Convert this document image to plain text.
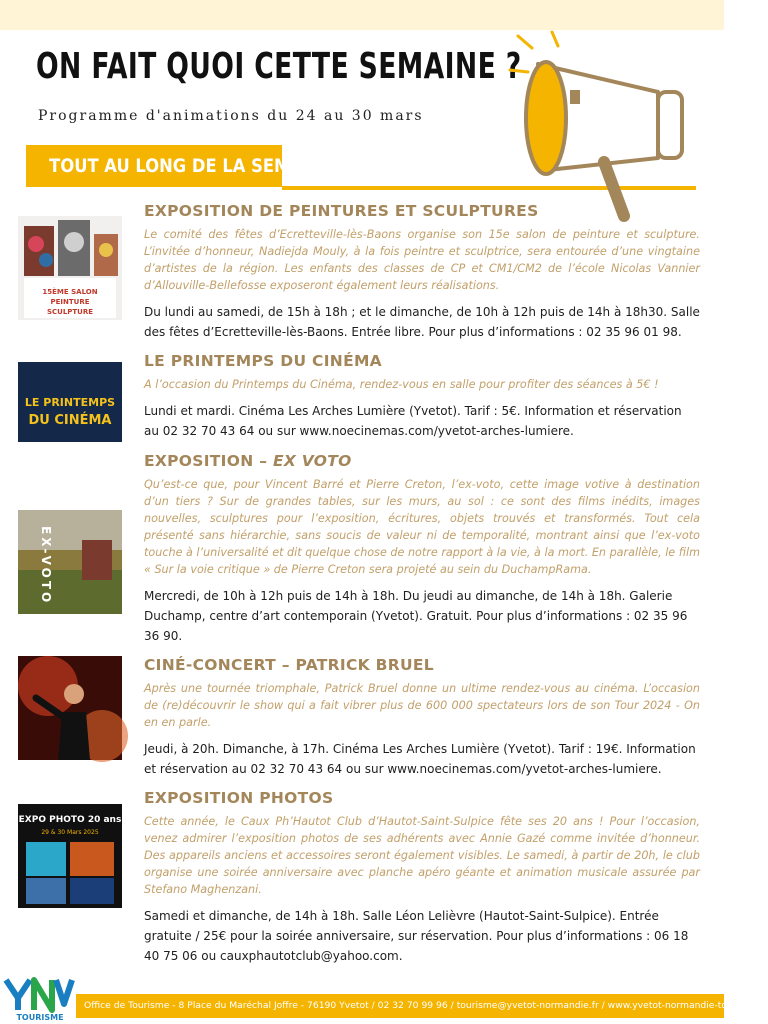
ON FAIT QUOI CETTE SEMAINE ?
Programme d'animations du 24 au 30 mars
TOUT AU LONG DE LA SEMAINE
15ÈME SALON
PEINTURE
SCULPTURE
EXPOSITION DE PEINTURES ET SCULPTURES

Le comité des fêtes d’Ecretteville-lès-Baons organise son 15e salon de peinture et sculpture. L’invitée d’honneur, Nadiejda Mouly, à la fois peintre et sculptrice, sera entourée d’une vingtaine d’artistes de la région. Les enfants des classes de CP et CM1/CM2 de l’école Nicolas Vannier d’Allouville-Bellefosse exposeront également leurs réalisations.

Du lundi au samedi, de 15h à 18h ; et le dimanche, de 10h à 12h puis de 14h à 18h30. Salle des fêtes d’Ecretteville-lès-Baons. Entrée libre. Pour plus d’informations : 02 35 96 01 98.

LE PRINTEMPS
DU CINÉMA
LE PRINTEMPS DU CINÉMA

A l’occasion du Printemps du Cinéma, rendez-vous en salle pour profiter des séances à 5€ !

Lundi et mardi. Cinéma Les Arches Lumière (Yvetot). Tarif : 5€. Information et réservation au 02 32 70 43 64 ou sur www.noecinemas.com/yvetot-arches-lumiere.

EX-VOTO
EXPOSITION – EX VOTO

Qu’est-ce que, pour Vincent Barré et Pierre Creton, l’ex-voto, cette image votive à destination d’un tiers ? Sur de grandes tables, sur les murs, au sol : ce sont des films inédits, images nouvelles, sculptures pour l’exposition, écritures, objets trouvés et transformés. Tout cela présenté sans hiérarchie, sans soucis de valeur ni de temporalité, montrant ainsi que l’ex-voto touche à l’universalité et dit quelque chose de notre rapport à la vie, à la mort. En parallèle, le film « Sur la voie critique » de Pierre Creton sera projeté au sein du DuchampRama.

Mercredi, de 10h à 12h puis de 14h à 18h. Du jeudi au dimanche, de 14h à 18h. Galerie Duchamp, centre d’art contemporain (Yvetot). Gratuit. Pour plus d’informations : 02 35 96 36 90.

CINÉ-CONCERT – PATRICK BRUEL

Après une tournée triomphale, Patrick Bruel donne un ultime rendez-vous au cinéma. L’occasion de (re)découvrir le show qui a fait vibrer plus de 600 000 spectateurs lors de son Tour 2024 - On en en parle.

Jeudi, à 20h. Dimanche, à 17h. Cinéma Les Arches Lumière (Yvetot). Tarif : 19€. Information et réservation au 02 32 70 43 64 ou sur www.noecinemas.com/yvetot-arches-lumiere.

EXPO PHOTO 20 ans
29 & 30 Mars 2025
EXPOSITION PHOTOS

Cette année, le Caux Ph’Hautot Club d’Hautot-Saint-Sulpice fête ses 20 ans ! Pour l’occasion, venez admirer l’exposition photos de ses adhérents avec Annie Gazé comme invitée d’honneur. Des appareils anciens et accessoires seront également visibles. Le samedi, à partir de 20h, le club organise une soirée anniversaire avec planche apéro géante et animation musicale assurée par Stefano Maghenzani.

Samedi et dimanche, de 14h à 18h. Salle Léon Lelièvre (Hautot-Saint-Sulpice). Entrée gratuite / 25€ pour la soirée anniversaire, sur réservation. Pour plus d’informations : 06 18 40 75 06 ou cauxphautotclub@yahoo.com.

TOURISME
Office de Tourisme - 8 Place du Maréchal Joffre - 76190 Yvetot / 02 32 70 99 96 / tourisme@yvetot-normandie.fr / www.yvetot-normandie-tourisme.fr
